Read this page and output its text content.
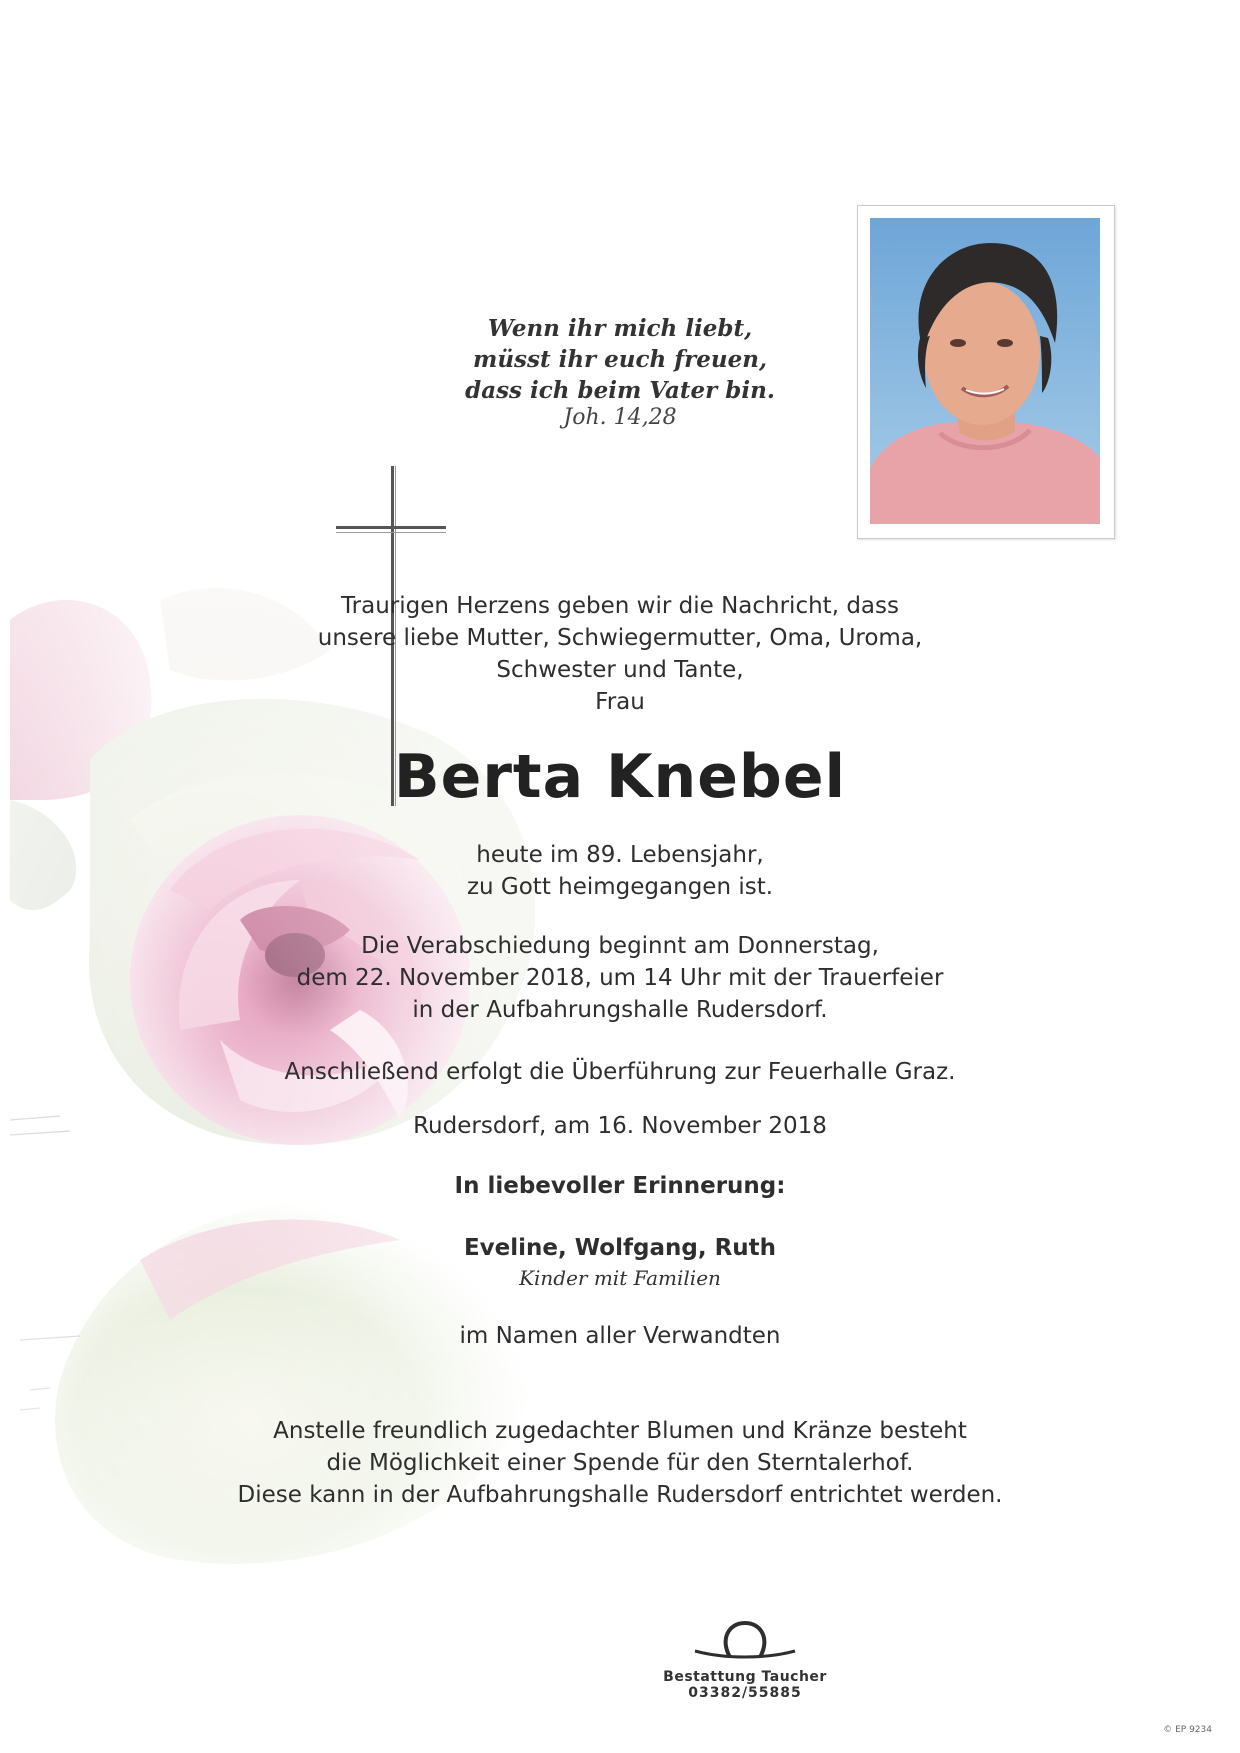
Wenn ihr mich liebt,
müsst ihr euch freuen,
dass ich beim Vater bin.
Joh. 14,28
Traurigen Herzens geben wir die Nachricht, dass
unsere liebe Mutter, Schwiegermutter, Oma, Uroma,
Schwester und Tante,
Frau
Berta Knebel
heute im 89. Lebensjahr,
zu Gott heimgegangen ist.
Die Verabschiedung beginnt am Donnerstag,
dem 22. November 2018, um 14 Uhr mit der Trauerfeier
in der Aufbahrungshalle Rudersdorf.
Anschließend erfolgt die Überführung zur Feuerhalle Graz.
Rudersdorf, am 16. November 2018
In liebevoller Erinnerung:
Eveline, Wolfgang, Ruth
Kinder mit Familien
im Namen aller Verwandten
Anstelle freundlich zugedachter Blumen und Kränze besteht
die Möglichkeit einer Spende für den Sterntalerhof.
Diese kann in der Aufbahrungshalle Rudersdorf entrichtet werden.
Bestattung Taucher
03382/55885
© EP 9234
